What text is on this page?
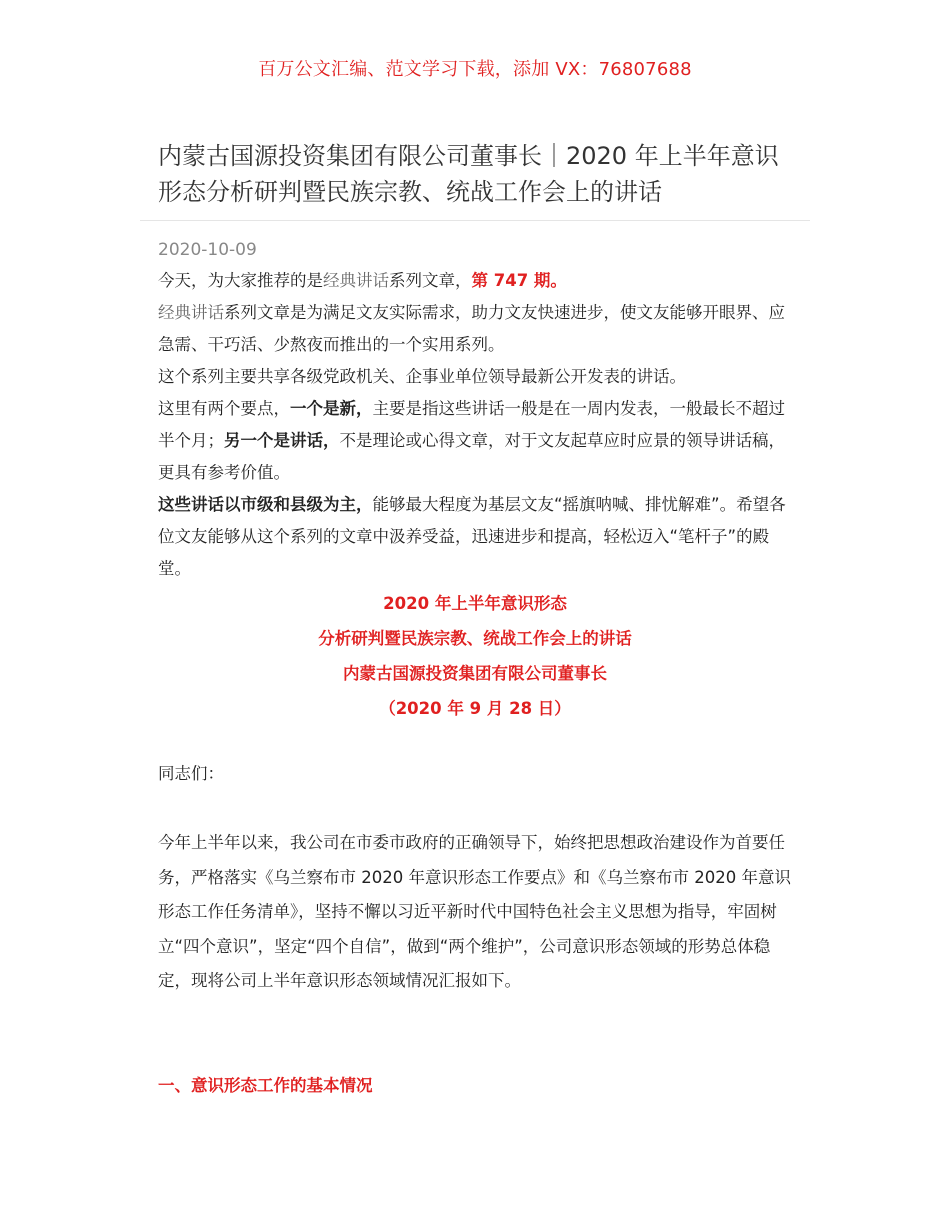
百万公文汇编、范文学习下载，添加 VX：76807688
内蒙古国源投资集团有限公司董事长｜2020 年上半年意识形态分析研判暨民族宗教、统战工作会上的讲话
2020-10-09

今天，为大家推荐的是经典讲话系列文章，第 747 期。

经典讲话系列文章是为满足文友实际需求，助力文友快速进步，使文友能够开眼界、应急需、干巧活、少熬夜而推出的一个实用系列。

这个系列主要共享各级党政机关、企事业单位领导最新公开发表的讲话。

这里有两个要点，一个是新，主要是指这些讲话一般是在一周内发表，一般最长不超过半个月；另一个是讲话，不是理论或心得文章，对于文友起草应时应景的领导讲话稿，更具有参考价值。

这些讲话以市级和县级为主，能够最大程度为基层文友“摇旗呐喊、排忧解难”。希望各位文友能够从这个系列的文章中汲养受益，迅速进步和提高，轻松迈入“笔杆子”的殿堂。

2020 年上半年意识形态
分析研判暨民族宗教、统战工作会上的讲话
内蒙古国源投资集团有限公司董事长
（2020 年 9 月 28 日）
同志们：

今年上半年以来，我公司在市委市政府的正确领导下，始终把思想政治建设作为首要任务，严格落实《乌兰察布市 2020 年意识形态工作要点》和《乌兰察布市 2020 年意识形态工作任务清单》，坚持不懈以习近平新时代中国特色社会主义思想为指导，牢固树立“四个意识”，坚定“四个自信”，做到“两个维护”，公司意识形态领域的形势总体稳定，现将公司上半年意识形态领域情况汇报如下。

一、意识形态工作的基本情况
